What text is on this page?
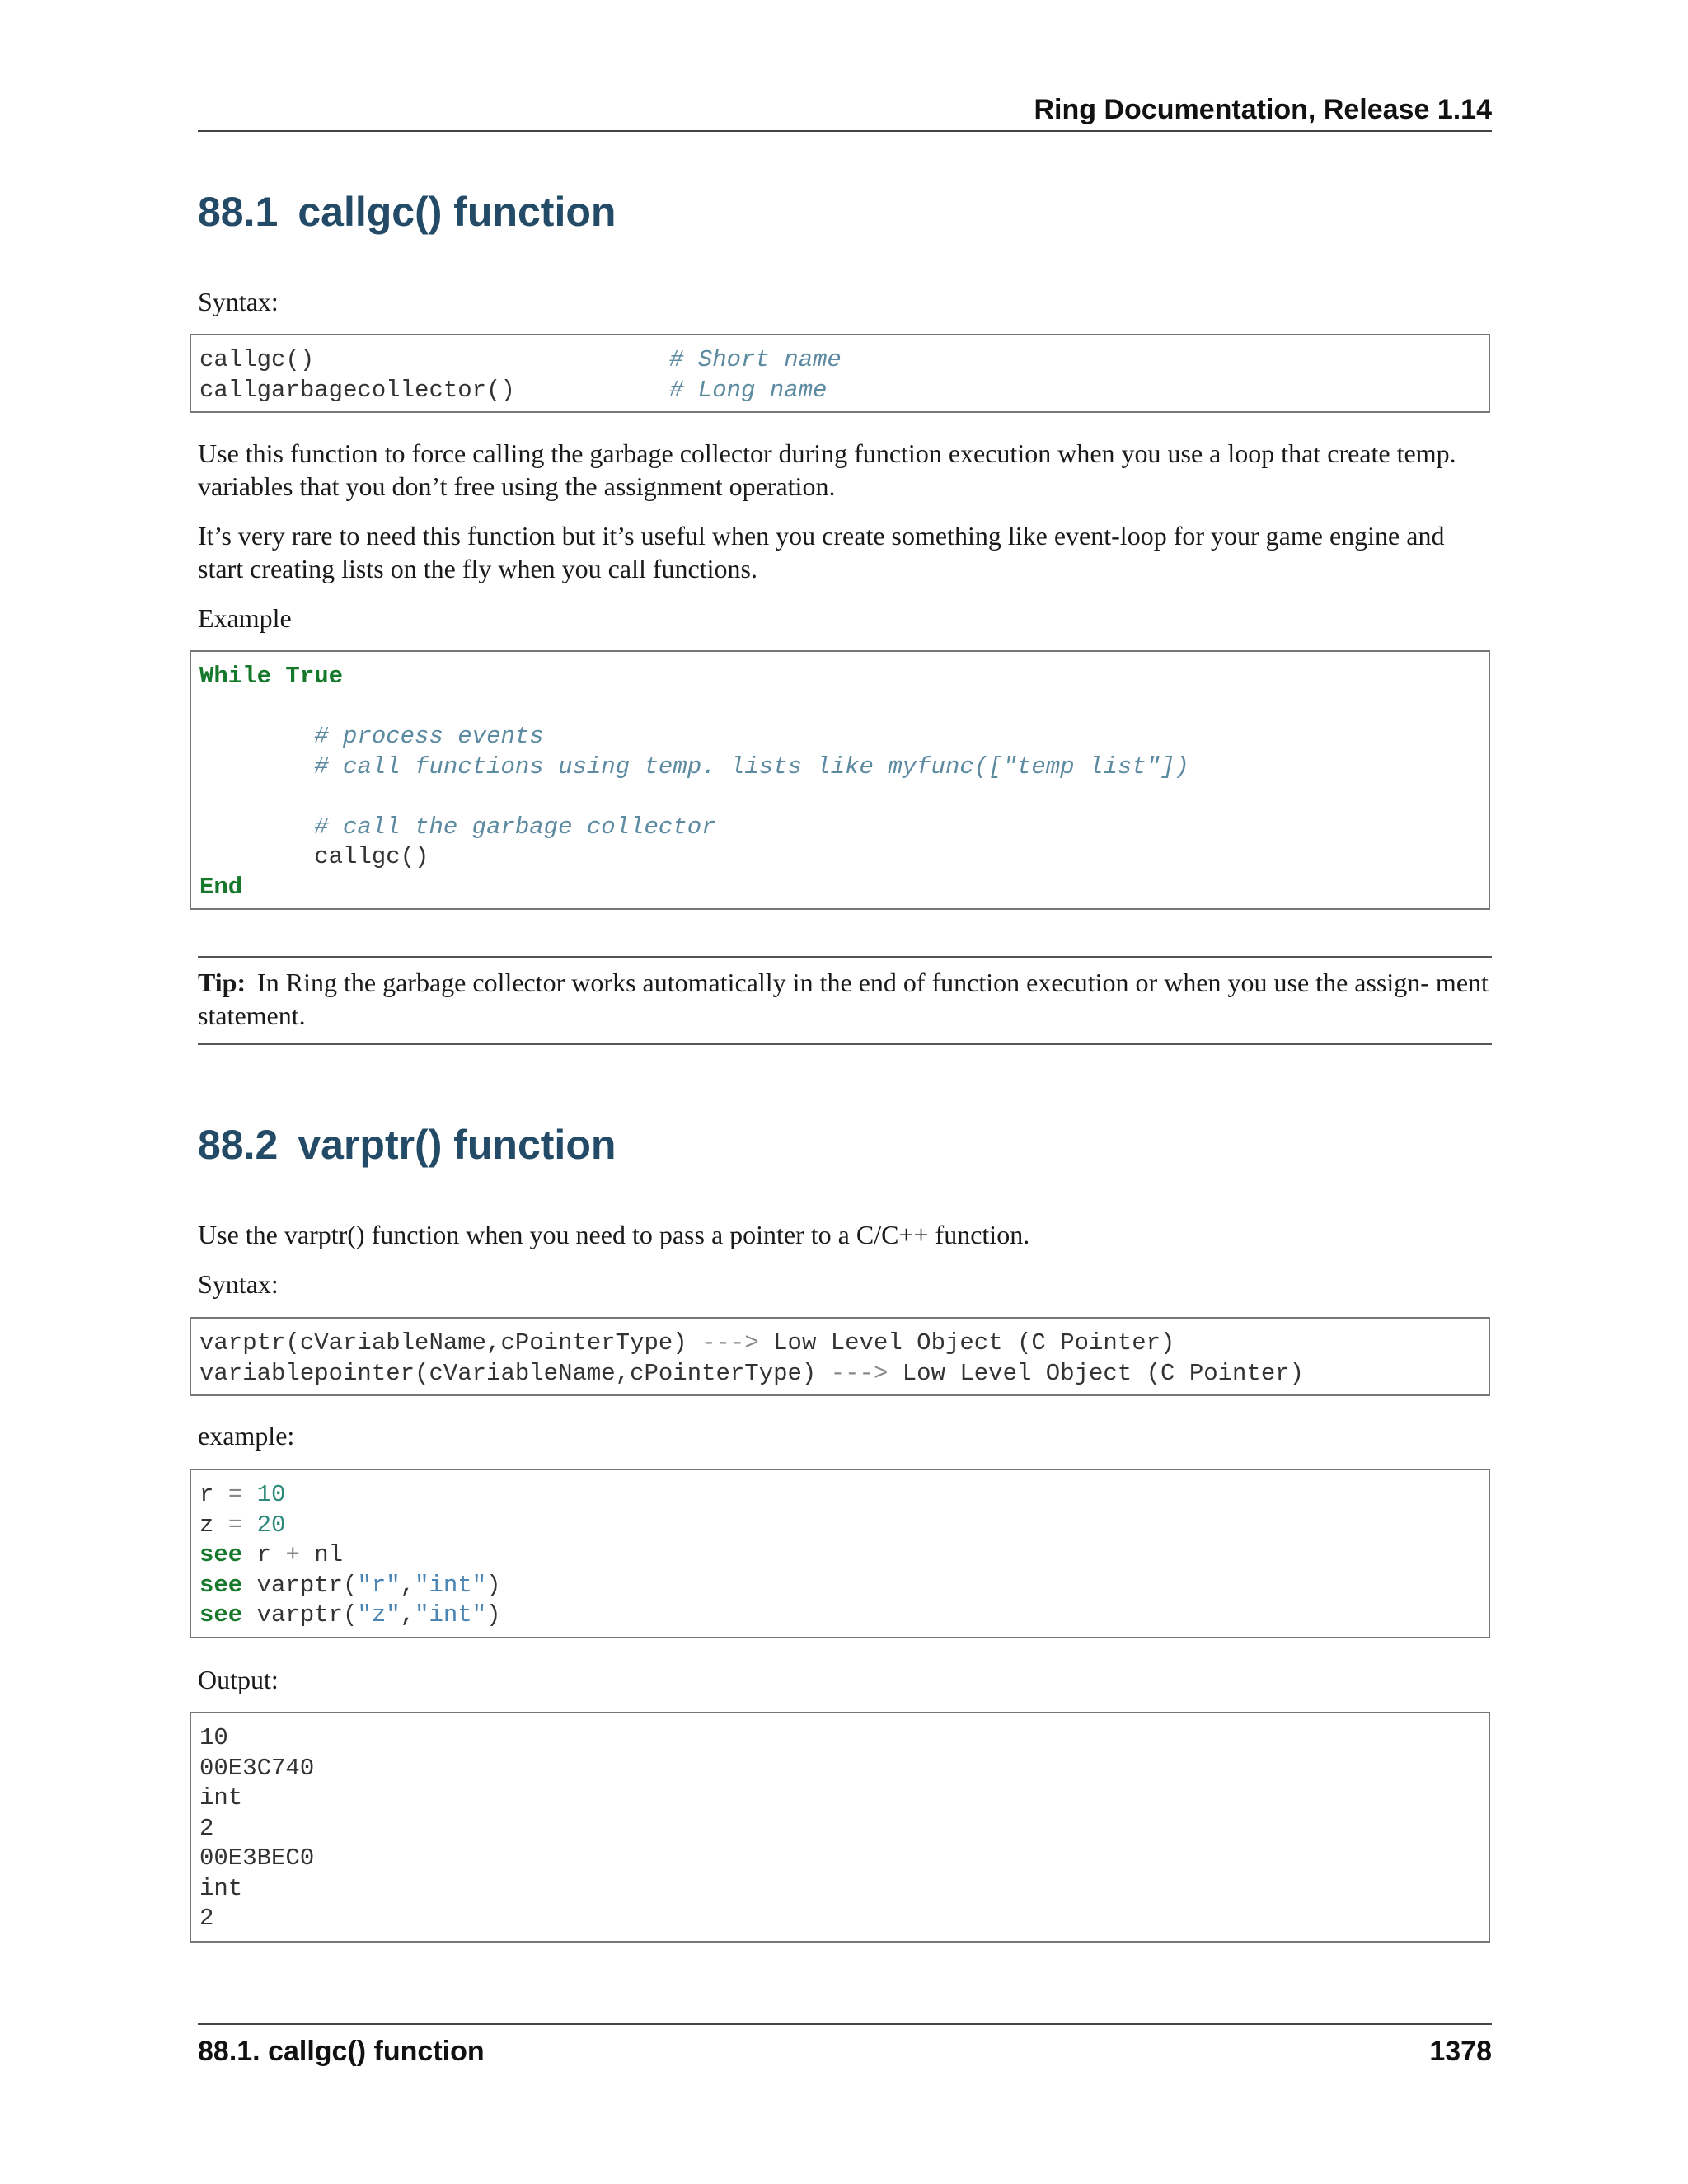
Ring Documentation, Release 1.14
88.1 callgc() function

Syntax:

callgc()	# Short name
callgarbagecollector()	# Long name

Use this function to force calling the garbage collector during function execution when you use a loop that create temp. variables that you don’t free using the assignment operation.

It’s very rare to need this function but it’s useful when you create something like event-loop for your game engine and start creating lists on the fly when you call functions.

Example

While True
# process events
# call functions using temp. lists like myfunc(["temp list"])
# call the garbage collector
callgc()
End
Tip: In Ring the garbage collector works automatically in the end of function execution or when you use the assign- ment statement.
88.2 varptr() function

Use the varptr() function when you need to pass a pointer to a C/C++ function.

Syntax:

varptr(cVariableName,cPointerType) ---> Low Level Object (C Pointer)
variablepointer(cVariableName,cPointerType) ---> Low Level Object (C Pointer)

example:

r = 10
z = 20
see r + nl
see varptr("r","int")
see varptr("z","int")

Output:

10
00E3C740
int
2
00E3BEC0
int
2
88.1. callgc() function	1378
